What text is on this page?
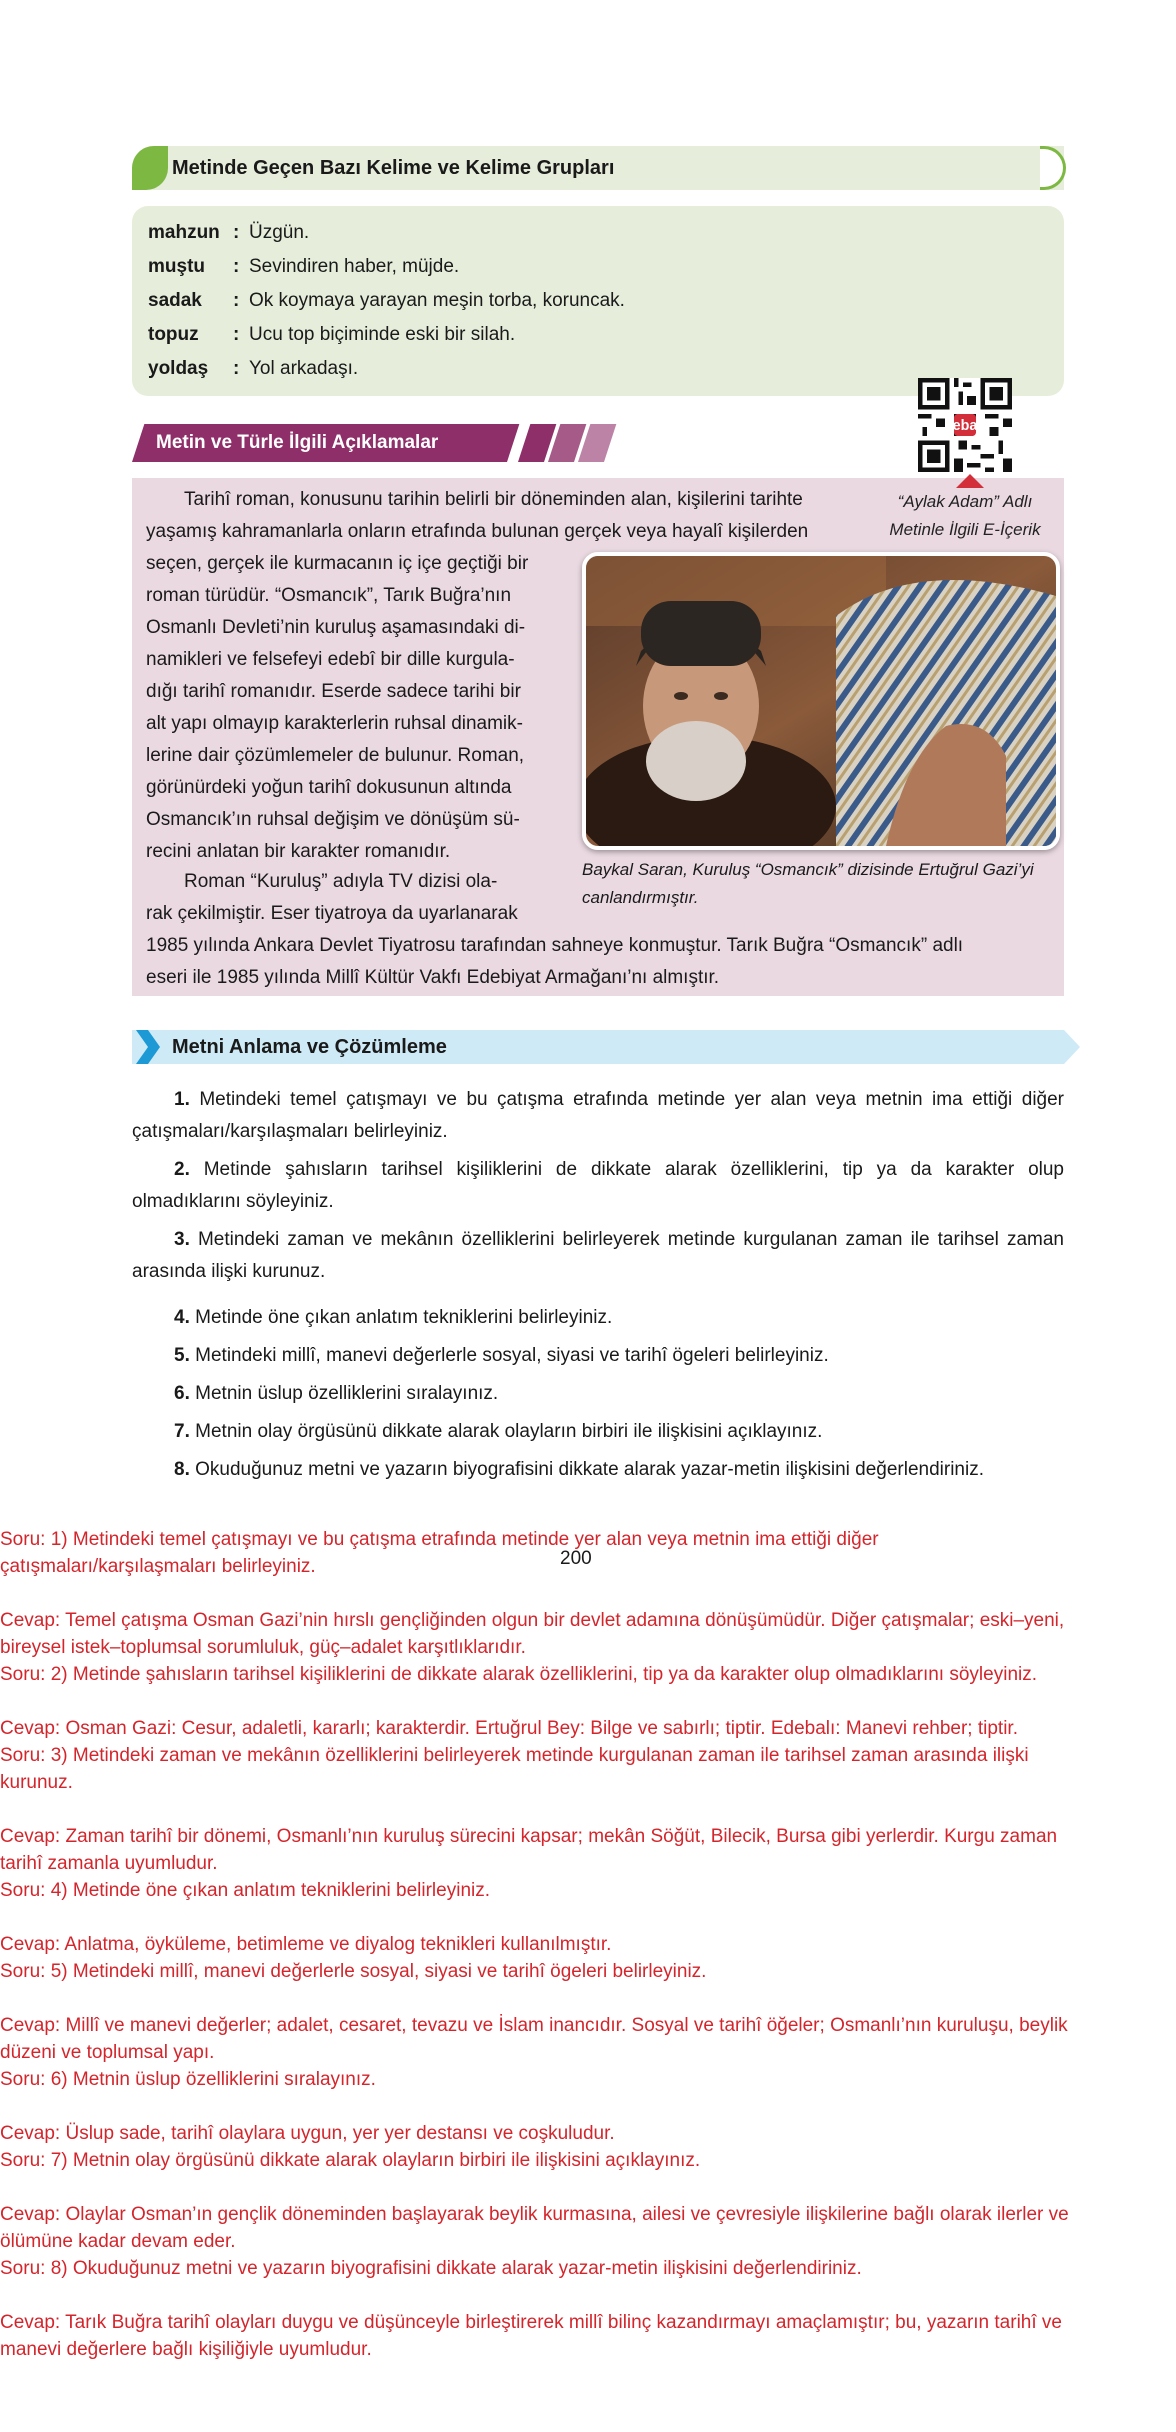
Metinde Geçen Bazı Kelime ve Kelime Grupları
mahzun : Üzgün.
muştu : Sevindiren haber, müjde.
sadak : Ok koymaya yarayan meşin torba, koruncak.
topuz : Ucu top biçiminde eski bir silah.
yoldaş : Yol arkadaşı.
Metin ve Türle İlgili Açıklamalar
eba
“Aylak Adam” Adlı
Metinle İlgili E-İçerik
Tarihî roman, konusunu tarihin belirli bir döneminden alan, kişilerini tarihte
yaşamış kahramanlarla onların etrafında bulunan gerçek veya hayalî kişilerden
seçen, gerçek ile kurmacanın iç içe geçtiği bir
roman türüdür. “Osmancık”, Tarık Buğra’nın
Osmanlı Devleti’nin kuruluş aşamasındaki di-
namikleri ve felsefeyi edebî bir dille kurgula-
dığı tarihî romanıdır. Eserde sadece tarihi bir
alt yapı olmayıp karakterlerin ruhsal dinamik-
lerine dair çözümlemeler de bulunur. Roman,
görünürdeki yoğun tarihî dokusunun altında
Osmancık’ın ruhsal değişim ve dönüşüm sü-
recini anlatan bir karakter romanıdır.
Roman “Kuruluş” adıyla TV dizisi ola-
rak çekilmiştir. Eser tiyatroya da uyarlanarak
1985 yılında Ankara Devlet Tiyatrosu tarafından sahneye konmuştur. Tarık Buğra “Osmancık” adlı
eseri ile 1985 yılında Millî Kültür Vakfı Edebiyat Armağanı’nı almıştır.
Baykal Saran, Kuruluş “Osmancık” dizisinde Ertuğrul Gazi’yi canlandırmıştır.
Metni Anlama ve Çözümleme
1. Metindeki temel çatışmayı ve bu çatışma etrafında metinde yer alan veya metnin ima ettiği diğer çatışmaları/karşılaşmaları belirleyiniz.
2. Metinde şahısların tarihsel kişiliklerini de dikkate alarak özelliklerini, tip ya da karakter olup olmadıklarını söyleyiniz.
3. Metindeki zaman ve mekânın özelliklerini belirleyerek metinde kurgulanan zaman ile tarihsel zaman arasında ilişki kurunuz.
4. Metinde öne çıkan anlatım tekniklerini belirleyiniz.
5. Metindeki millî, manevi değerlerle sosyal, siyasi ve tarihî ögeleri belirleyiniz.
6. Metnin üslup özelliklerini sıralayınız.
7. Metnin olay örgüsünü dikkate alarak olayların birbiri ile ilişkisini açıklayınız.
8. Okuduğunuz metni ve yazarın biyografisini dikkate alarak yazar-metin ilişkisini değerlendiriniz.
200
Soru: 1) Metindeki temel çatışmayı ve bu çatışma etrafında metinde yer alan veya metnin ima ettiği diğer
çatışmaları/karşılaşmaları belirleyiniz.
Cevap: Temel çatışma Osman Gazi’nin hırslı gençliğinden olgun bir devlet adamına dönüşümüdür. Diğer çatışmalar; eski–yeni,
bireysel istek–toplumsal sorumluluk, güç–adalet karşıtlıklarıdır.
Soru: 2) Metinde şahısların tarihsel kişiliklerini de dikkate alarak özelliklerini, tip ya da karakter olup olmadıklarını söyleyiniz.
Cevap: Osman Gazi: Cesur, adaletli, kararlı; karakterdir. Ertuğrul Bey: Bilge ve sabırlı; tiptir. Edebalı: Manevi rehber; tiptir.
Soru: 3) Metindeki zaman ve mekânın özelliklerini belirleyerek metinde kurgulanan zaman ile tarihsel zaman arasında ilişki
kurunuz.
Cevap: Zaman tarihî bir dönemi, Osmanlı’nın kuruluş sürecini kapsar; mekân Söğüt, Bilecik, Bursa gibi yerlerdir. Kurgu zaman
tarihî zamanla uyumludur.
Soru: 4) Metinde öne çıkan anlatım tekniklerini belirleyiniz.
Cevap: Anlatma, öyküleme, betimleme ve diyalog teknikleri kullanılmıştır.
Soru: 5) Metindeki millî, manevi değerlerle sosyal, siyasi ve tarihî ögeleri belirleyiniz.
Cevap: Millî ve manevi değerler; adalet, cesaret, tevazu ve İslam inancıdır. Sosyal ve tarihî öğeler; Osmanlı’nın kuruluşu, beylik
düzeni ve toplumsal yapı.
Soru: 6) Metnin üslup özelliklerini sıralayınız.
Cevap: Üslup sade, tarihî olaylara uygun, yer yer destansı ve coşkuludur.
Soru: 7) Metnin olay örgüsünü dikkate alarak olayların birbiri ile ilişkisini açıklayınız.
Cevap: Olaylar Osman’ın gençlik döneminden başlayarak beylik kurmasına, ailesi ve çevresiyle ilişkilerine bağlı olarak ilerler ve
ölümüne kadar devam eder.
Soru: 8) Okuduğunuz metni ve yazarın biyografisini dikkate alarak yazar-metin ilişkisini değerlendiriniz.
Cevap: Tarık Buğra tarihî olayları duygu ve düşünceyle birleştirerek millî bilinç kazandırmayı amaçlamıştır; bu, yazarın tarihî ve
manevi değerlere bağlı kişiliğiyle uyumludur.
